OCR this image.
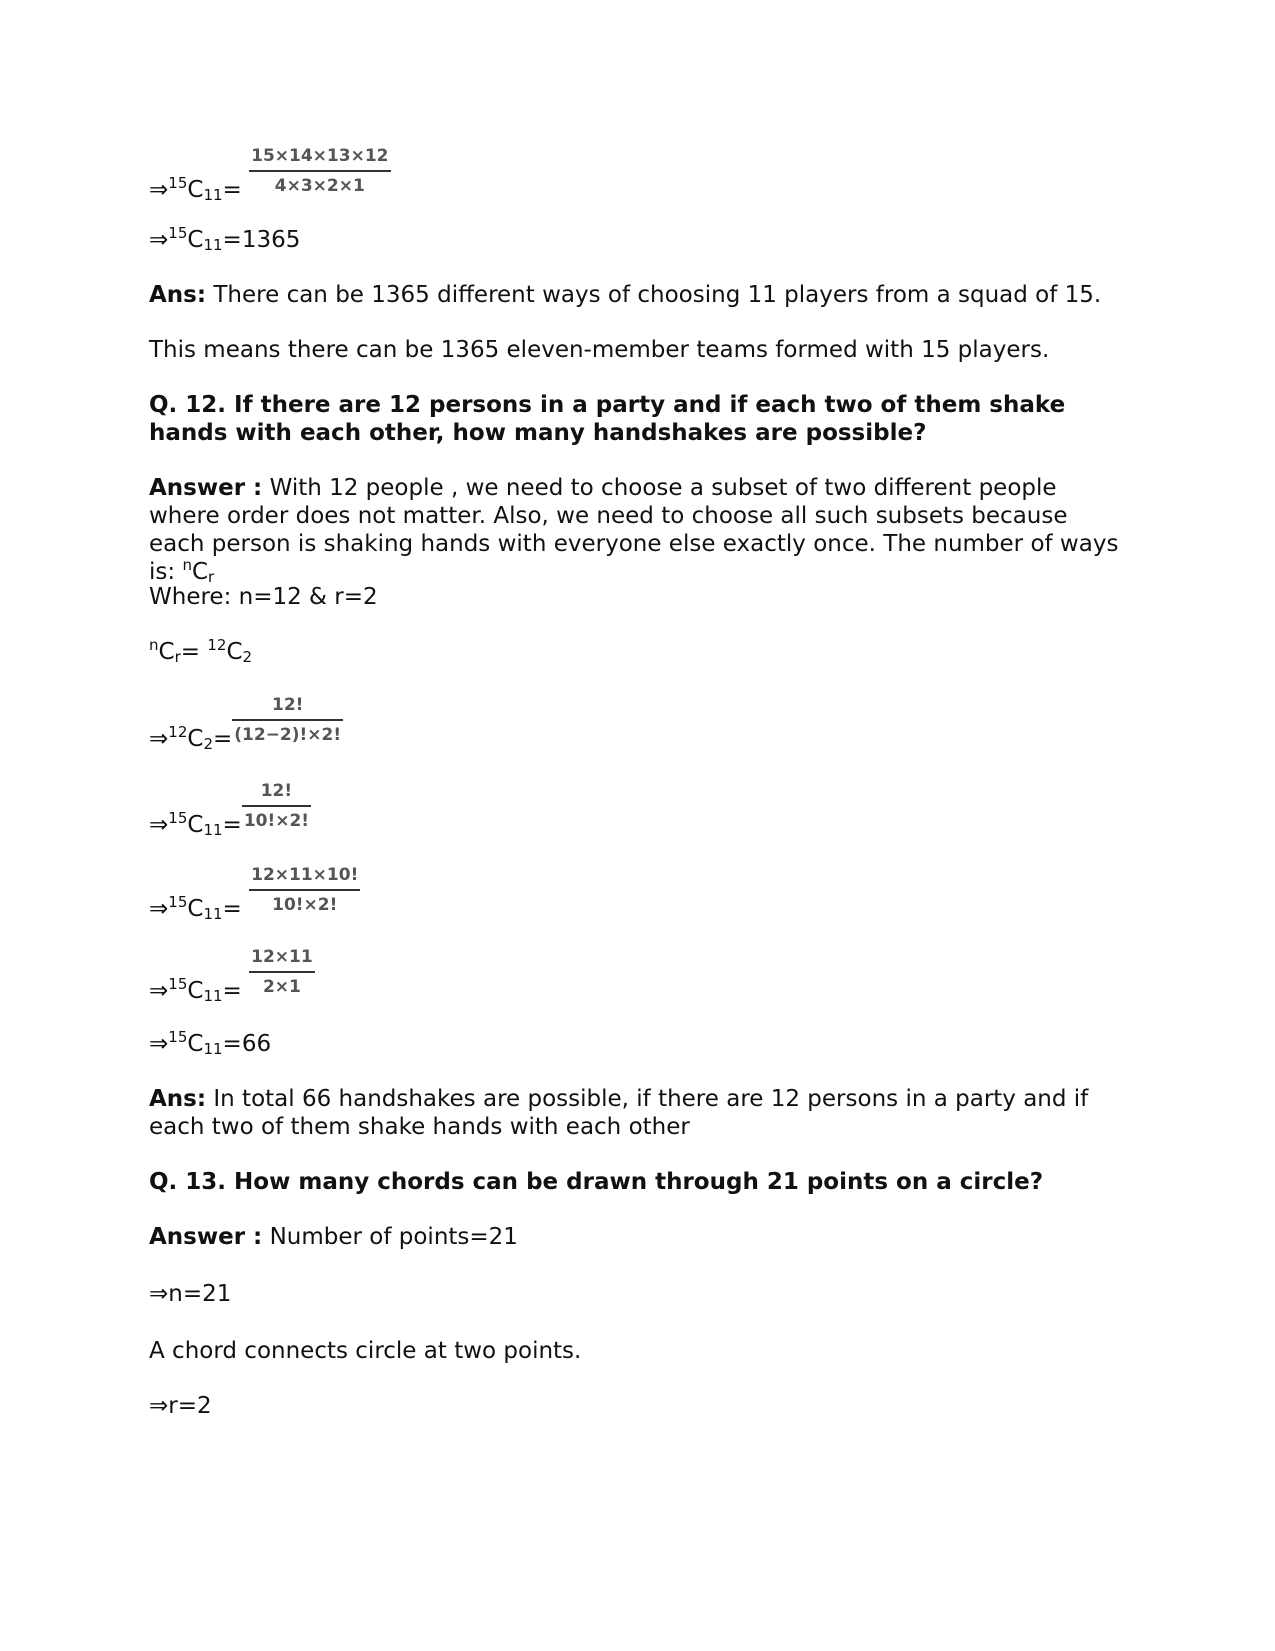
$\Rightarrow^{15}C_{11}= \frac{15\times 14\times 13\times 12}{4\times 3\times 2\times 1}$
$\Rightarrow^{15}C_{11}=1365$
Ans: There can be 1365 different ways of choosing 11 players from a squad of 15.
This means there can be 1365 eleven-member teams formed with 15 players.
Q. 12. If there are 12 persons in a party and if each two of them shake hands with each other, how many handshakes are possible?
Answer : With 12 people , we need to choose a subset of two different people where order does not matter. Also, we need to choose all such subsets because each person is shaking hands with everyone else exactly once. The number of ways is: $^nC_r$
Where: n=12 & r=2
$^nC_r= ^{12}C_2$
$\Rightarrow^{12}C_2= \frac{12!}{(12-2)!\times 2!}$
$\Rightarrow^{15}C_{11}= \frac{12!}{10!\times 2!}$
$\Rightarrow^{15}C_{11}= \frac{12\times 11\times 10!}{10!\times 2!}$
$\Rightarrow^{15}C_{11}= \frac{12\times 11}{2\times 1}$
$\Rightarrow^{15}C_{11}=66$
Ans: In total 66 handshakes are possible, if there are 12 persons in a party and if each two of them shake hands with each other
Q. 13. How many chords can be drawn through 21 points on a circle?
Answer : Number of points=21
⇒n=21
A chord connects circle at two points.
⇒r=2
